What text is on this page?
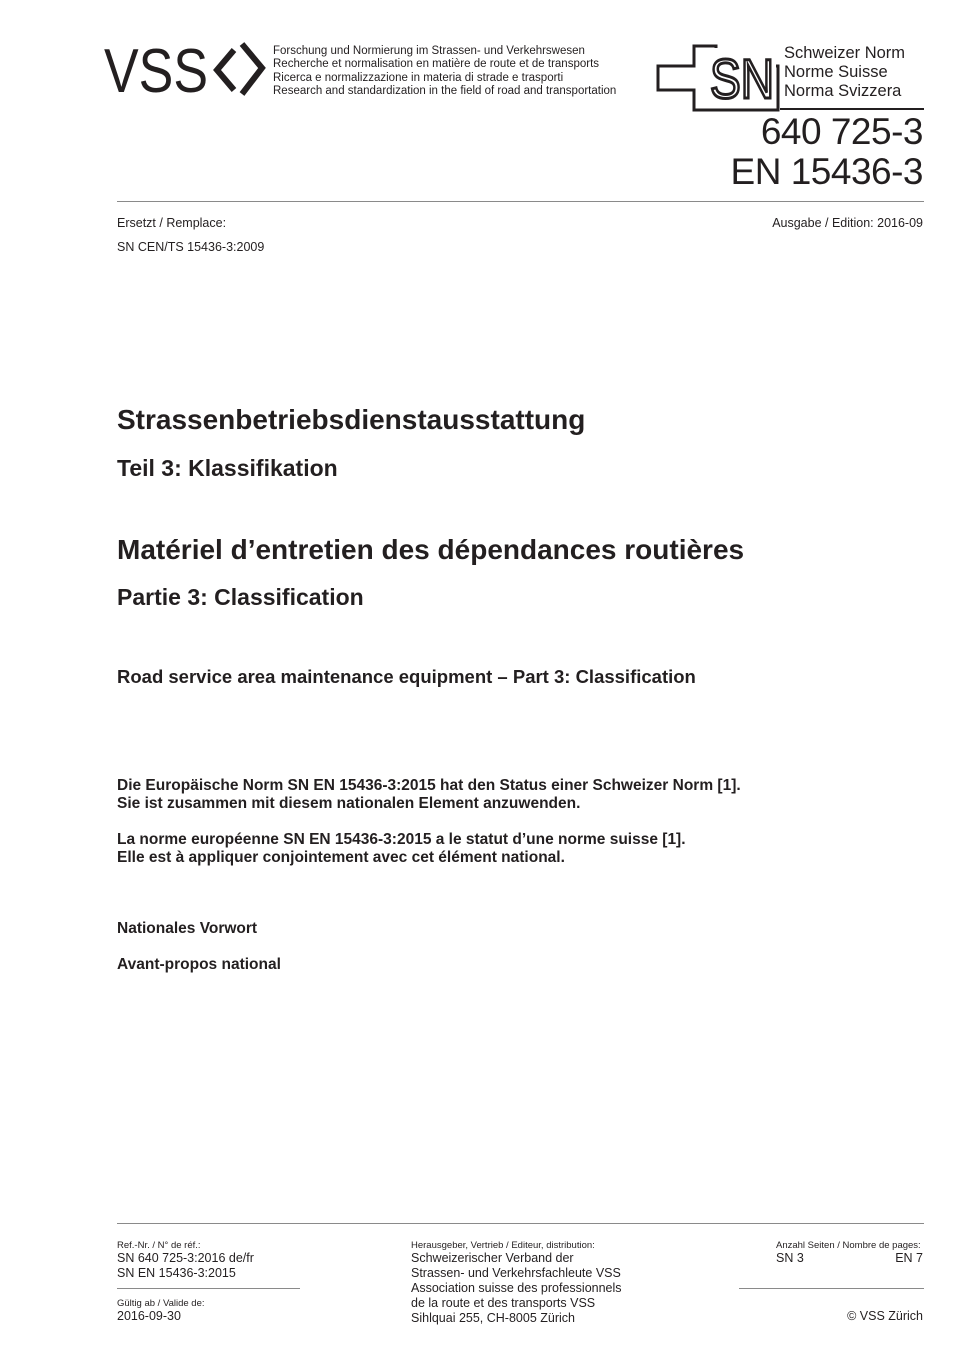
VSS	Forschung und Normierung im Strassen- und Verkehrswesen
Recherche et normalisation en matière de route et de transports
Ricerca e normalizzazione in materia di strade e trasporti
Research and standardization in the field of road and transportation SN Schweizer Norm
Norme Suisse
Norma Svizzera
640 725-3
EN 15436-3
Ersetzt / Remplace:
SN CEN/TS 15436-3:2009
Ausgabe / Edition: 2016-09
Strassenbetriebsdienstausstattung
Teil 3: Klassifikation
Matériel d’entretien des dépendances routières
Partie 3: Classification
Road service area maintenance equipment – Part 3: Classification
Die Europäische Norm SN EN 15436-3:2015 hat den Status einer Schweizer Norm [1].
Sie ist zusammen mit diesem nationalen Element anzuwenden.
La norme européenne SN EN 15436-3:2015 a le statut d’une norme suisse [1].
Elle est à appliquer conjointement avec cet élément national.
Nationales Vorwort
Avant-propos national
Ref.-Nr. / N° de réf.:
SN 640 725-3:2016 de/fr
SN EN 15436-3:2015
Gültig ab / Valide de:
2016-09-30
Herausgeber, Vertrieb / Editeur, distribution:
Schweizerischer Verband der
Strassen- und Verkehrsfachleute VSS
Association suisse des professionnels
de la route et des transports VSS
Sihlquai 255, CH-8005 Zürich
Anzahl Seiten / Nombre de pages:
SN 3	EN 7
© VSS Zürich
